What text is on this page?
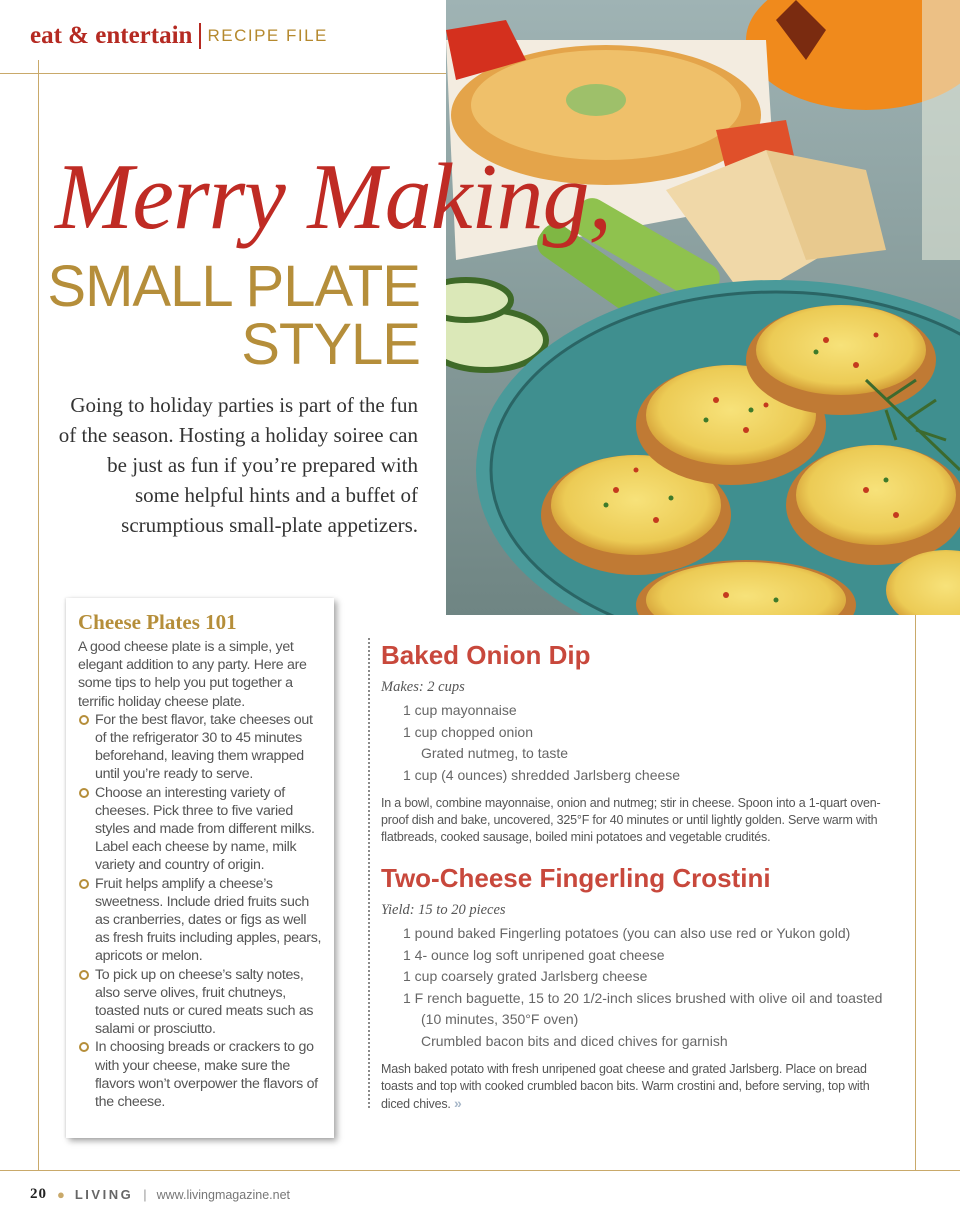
eat & entertain RECIPE FILE
Merry Making,
SMALL PLATE
STYLE

Going to holiday parties is part of the fun of the season. Hosting a holiday soiree can be just as fun if you’re prepared with some helpful hints and a buffet of scrumptious small-plate appetizers.

Cheese Plates 101

A good cheese plate is a simple, yet elegant addition to any party. Here are some tips to help you put together a terrific holiday cheese plate.

For the best flavor, take cheeses out of the refrigerator 30 to 45 minutes beforehand, leaving them wrapped until you’re ready to serve.
Choose an interesting variety of cheeses. Pick three to five varied styles and made from different milks. Label each cheese by name, milk variety and country of origin.
Fruit helps amplify a cheese’s sweetness. Include dried fruits such as cranberries, dates or figs as well as fresh fruits including apples, pears, apricots or melon.
To pick up on cheese’s salty notes, also serve olives, fruit chutneys, toasted nuts or cured meats such as salami or prosciutto.
In choosing breads or crackers to go with your cheese, make sure the flavors won’t overpower the flavors of the cheese.
Baked Onion Dip
Makes: 2 cups
1 cup mayonnaise
1 cup chopped onion
Grated nutmeg, to taste
1 cup (4 ounces) shredded Jarlsberg cheese

In a bowl, combine mayonnaise, onion and nutmeg; stir in cheese. Spoon into a 1-quart oven-proof dish and bake, uncovered, 325°F for 40 minutes or until lightly golden. Serve warm with flatbreads, cooked sausage, boiled mini potatoes and vegetable crudités.

Two-Cheese Fingerling Crostini
Yield: 15 to 20 pieces
1 pound baked Fingerling potatoes (you can also use red or Yukon gold)
1 4- ounce log soft unripened goat cheese
1 cup coarsely grated Jarlsberg cheese
1 F rench baguette, 15 to 20 1/2-inch slices brushed with olive oil and toasted
(10 minutes, 350°F oven)
Crumbled bacon bits and diced chives for garnish

Mash baked potato with fresh unripened goat cheese and grated Jarlsberg. Place on bread toasts and top with cooked crumbled bacon bits. Warm crostini and, before serving, top with diced chives. »

20 ● LIVING | www.livingmagazine.net
